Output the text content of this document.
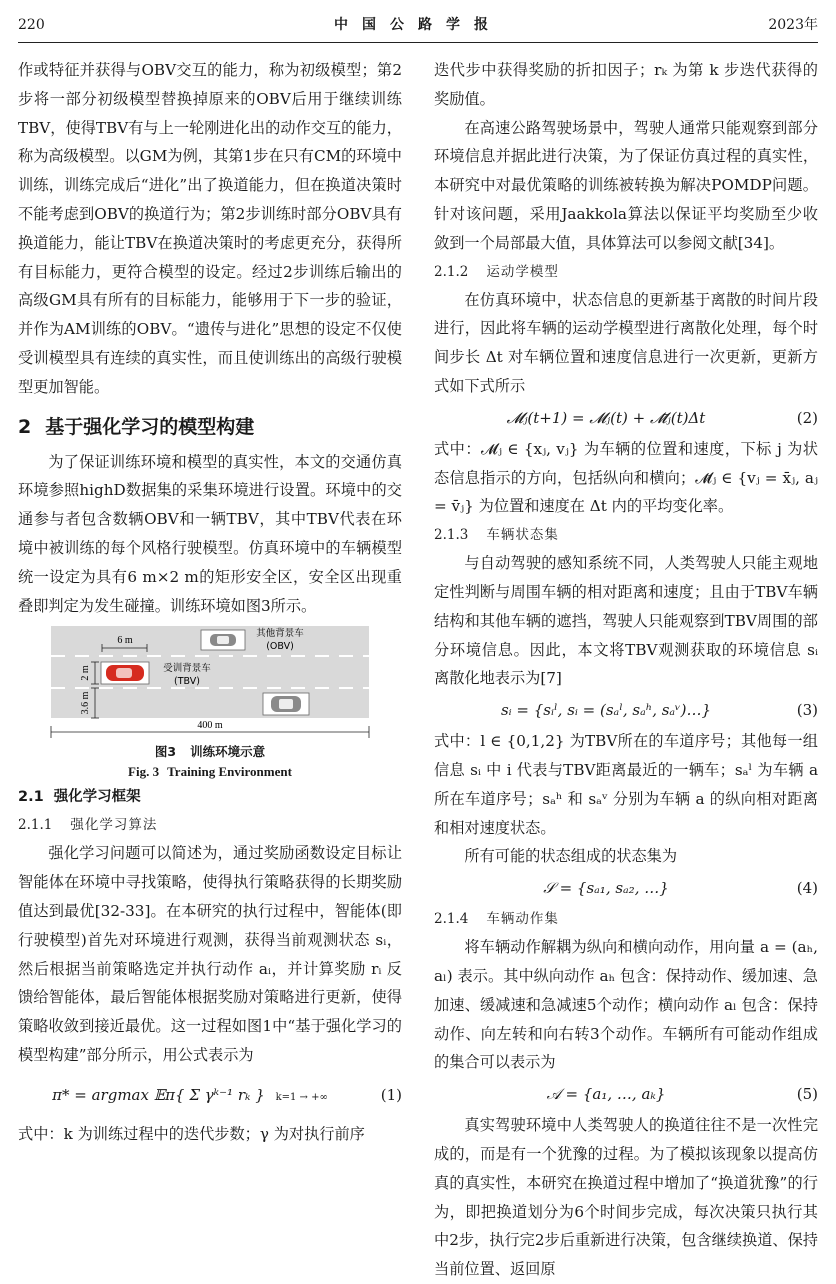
220	中国公路学报	2023年

作或特征并获得与OBV交互的能力，称为初级模型；第2步将一部分初级模型替换掉原来的OBV后用于继续训练TBV，使得TBV有与上一轮刚进化出的动作交互的能力，称为高级模型。以GM为例，其第1步在只有CM的环境中训练，训练完成后“进化”出了换道能力，但在换道决策时不能考虑到OBV的换道行为；第2步训练时部分OBV具有换道能力，能让TBV在换道决策时的考虑更充分，获得所有目标能力，更符合模型的设定。经过2步训练后输出的高级GM具有所有的目标能力，能够用于下一步的验证，并作为AM训练的OBV。“遗传与进化”思想的设定不仅使受训模型具有连续的真实性，而且使训练出的高级行驶模型更加智能。

2 基于强化学习的模型构建

为了保证训练环境和模型的真实性，本文的交通仿真环境参照highD数据集的采集环境进行设置。环境中的交通参与者包含数辆OBV和一辆TBV，其中TBV代表在环境中被训练的每个风格行驶模型。仿真环境中的车辆模型统一设定为具有6 m×2 m的矩形安全区，安全区出现重叠即判定为发生碰撞。训练环境如图3所示。

其他背景车
(OBV)
6 m
受训背景车
(TBV)
2 m
3.6 m
400 m
图3 训练环境示意
Fig. 3 Training Environment
2.1 强化学习框架
2.1.1 强化学习算法

强化学习问题可以简述为，通过奖励函数设定目标让智能体在环境中寻找策略，使得执行策略获得的长期奖励值达到最优[32-33]。在本研究的执行过程中，智能体(即行驶模型)首先对环境进行观测，获得当前观测状态 sᵢ，然后根据当前策略选定并执行动作 aᵢ，并计算奖励 rᵢ 反馈给智能体，最后智能体根据奖励对策略进行更新，使得策略收敛到接近最优。这一过程如图1中“基于强化学习的模型构建”部分所示，用公式表示为

π* = argmax 𝔼π{ Σ γᵏ⁻¹ rₖ } k=1 → +∞	(1)

式中：k 为训练过程中的迭代步数；γ 为对执行前序

迭代步中获得奖励的折扣因子；rₖ 为第 k 步迭代获得的奖励值。

在高速公路驾驶场景中，驾驶人通常只能观察到部分环境信息并据此进行决策，为了保证仿真过程的真实性，本研究中对最优策略的训练被转换为解决POMDP问题。针对该问题，采用Jaakkola算法以保证平均奖励至少收敛到一个局部最大值，具体算法可以参阅文献[34]。

2.1.2 运动学模型

在仿真环境中，状态信息的更新基于离散的时间片段进行，因此将车辆的运动学模型进行离散化处理，每个时间步长 Δt 对车辆位置和速度信息进行一次更新，更新方式如下式所示

𝓜ⱼ(t+1) = 𝓜ⱼ(t) + 𝓜̄ⱼ(t)Δt	(2)

式中：𝓜ⱼ ∈ {xⱼ, vⱼ} 为车辆的位置和速度，下标 j 为状态信息指示的方向，包括纵向和横向；𝓜̄ⱼ ∈ {vⱼ = x̄ⱼ, aⱼ = v̄ⱼ} 为位置和速度在 Δt 内的平均变化率。

2.1.3 车辆状态集

与自动驾驶的感知系统不同，人类驾驶人只能主观地定性判断与周围车辆的相对距离和速度；且由于TBV车辆结构和其他车辆的遮挡，驾驶人只能观察到TBV周围的部分环境信息。因此，本文将TBV观测获取的环境信息 sᵢ 离散化地表示为[7]

sᵢ = {sᵢˡ, sᵢ = (sₐˡ, sₐʰ, sₐᵛ)…}	(3)

式中：l ∈ {0,1,2} 为TBV所在的车道序号；其他每一组信息 sᵢ 中 i 代表与TBV距离最近的一辆车；sₐˡ 为车辆 a 所在车道序号；sₐʰ 和 sₐᵛ 分别为车辆 a 的纵向相对距离和相对速度状态。

所有可能的状态组成的状态集为

𝒮 = {sₐ₁, sₐ₂, …}	(4)
2.1.4 车辆动作集

将车辆动作解耦为纵向和横向动作，用向量 a = (aₕ, aₗ) 表示。其中纵向动作 aₕ 包含：保持动作、缓加速、急加速、缓减速和急减速5个动作；横向动作 aₗ 包含：保持动作、向左转和向右转3个动作。车辆所有可能动作组成的集合可以表示为

𝒜 = {a₁, …, aₖ}	(5)

真实驾驶环境中人类驾驶人的换道往往不是一次性完成的，而是有一个犹豫的过程。为了模拟该现象以提高仿真的真实性，本研究在换道过程中增加了“换道犹豫”的行为，即把换道划分为6个时间步完成，每次决策只执行其中2步，执行完2步后重新进行决策，包含继续换道、保持当前位置、返回原
